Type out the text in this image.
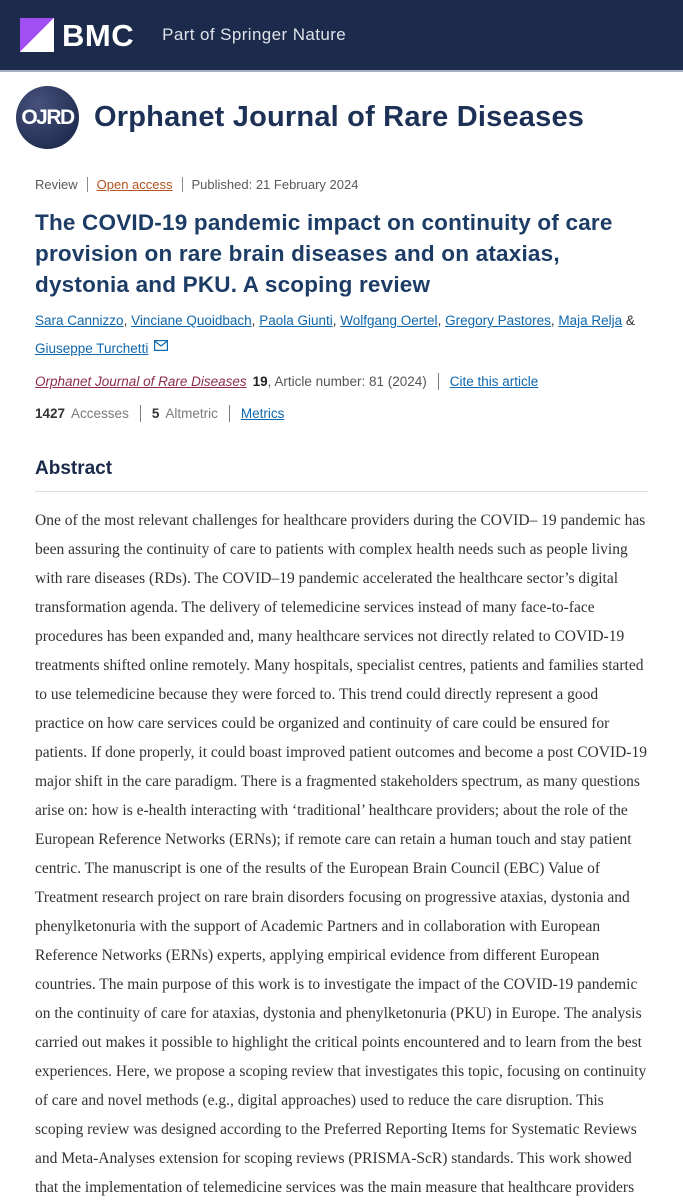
BMC Part of Springer Nature
OJRD Orphanet Journal of Rare Diseases
Review Open access Published: 21 February 2024
The COVID-19 pandemic impact on continuity of care provision on rare brain diseases and on ataxias, dystonia and PKU. A scoping review

Sara Cannizzo, Vinciane Quoidbach, Paola Giunti, Wolfgang Oertel, Gregory Pastores, Maja Relja & Giuseppe Turchetti

Orphanet Journal of Rare Diseases 19 , Article number: 81 (2024) Cite this article
1427 Accesses 5 Altmetric Metrics
Abstract

One of the most relevant challenges for healthcare providers during the COVID– 19 pandemic has been assuring the continuity of care to patients with complex health needs such as people living with rare diseases (RDs). The COVID–19 pandemic accelerated the healthcare sector’s digital transformation agenda. The delivery of telemedicine services instead of many face-to-face procedures has been expanded and, many healthcare services not directly related to COVID-19 treatments shifted online remotely. Many hospitals, specialist centres, patients and families started to use telemedicine because they were forced to. This trend could directly represent a good practice on how care services could be organized and continuity of care could be ensured for patients. If done properly, it could boast improved patient outcomes and become a post COVID-19 major shift in the care paradigm. There is a fragmented stakeholders spectrum, as many questions arise on: how is e-health interacting with ‘traditional’ healthcare providers; about the role of the European Reference Networks (ERNs); if remote care can retain a human touch and stay patient centric. The manuscript is one of the results of the European Brain Council (EBC) Value of Treatment research project on rare brain disorders focusing on progressive ataxias, dystonia and phenylketonuria with the support of Academic Partners and in collaboration with European Reference Networks (ERNs) experts, applying empirical evidence from different European countries. The main purpose of this work is to investigate the impact of the COVID-19 pandemic on the continuity of care for ataxias, dystonia and phenylketonuria (PKU) in Europe. The analysis carried out makes it possible to highlight the critical points encountered and to learn from the best experiences. Here, we propose a scoping review that investigates this topic, focusing on continuity of care and novel methods (e.g., digital approaches) used to reduce the care disruption. This scoping review was designed according to the Preferred Reporting Items for Systematic Reviews and Meta-Analyses extension for scoping reviews (PRISMA-ScR) standards. This work showed that the implementation of telemedicine services was the main measure that healthcare providers
